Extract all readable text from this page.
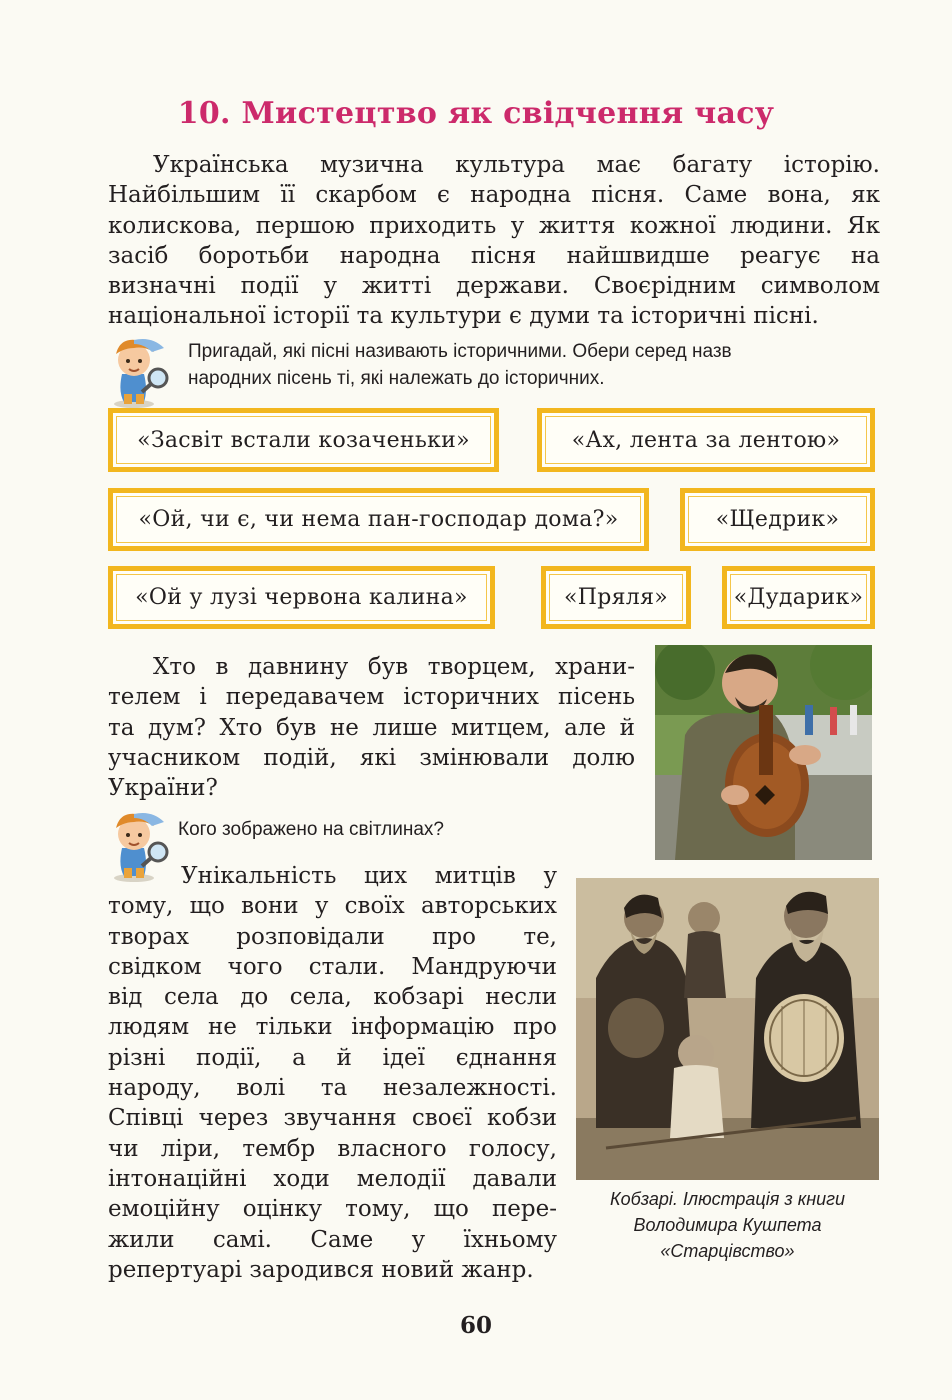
10. Мистецтво як свідчення часу
Українська музична культура має багату історію.
Найбільшим її скарбом є народна пісня. Саме вона, як
колискова, першою приходить у життя кожної людини. Як
засіб боротьби народна пісня найшвидше реагує на
визначні події у житті держави. Своєрідним символом
національної історії та культури є думи та історичні пісні.
Пригадай, які пісні називають історичними. Обери серед назв
народних пісень ті, які належать до історичних.
«Засвіт встали козаченьки»	«Ах, лента за лентою»
«Ой, чи є, чи нема пан-господар дома?»	«Щедрик»
«Ой у лузі червона калина»	«Пряля»	«Дударик»
Хто в давнину був творцем, храни-
телем і передавачем історичних пісень
та дум? Хто був не лише митцем, але й
учасником подій, які змінювали долю
України?
Кого зображено на світлинах?
Унікальність цих митців у
тому, що вони у своїх авторських
творах розповідали про те,
свідком чого стали. Мандруючи
від села до села, кобзарі несли
людям не тільки інформацію про
різні події, а й ідеї єднання
народу, волі та незалежності.
Співці через звучання своєї кобзи
чи ліри, тембр власного голосу,
інтонаційні ходи мелодії давали
емоційну оцінку тому, що пере-
жили самі. Саме у їхньому
репертуарі зародився новий жанр.
Кобзарі. Ілюстрація з книги
Володимира Кушпета
«Старцівство»
60
